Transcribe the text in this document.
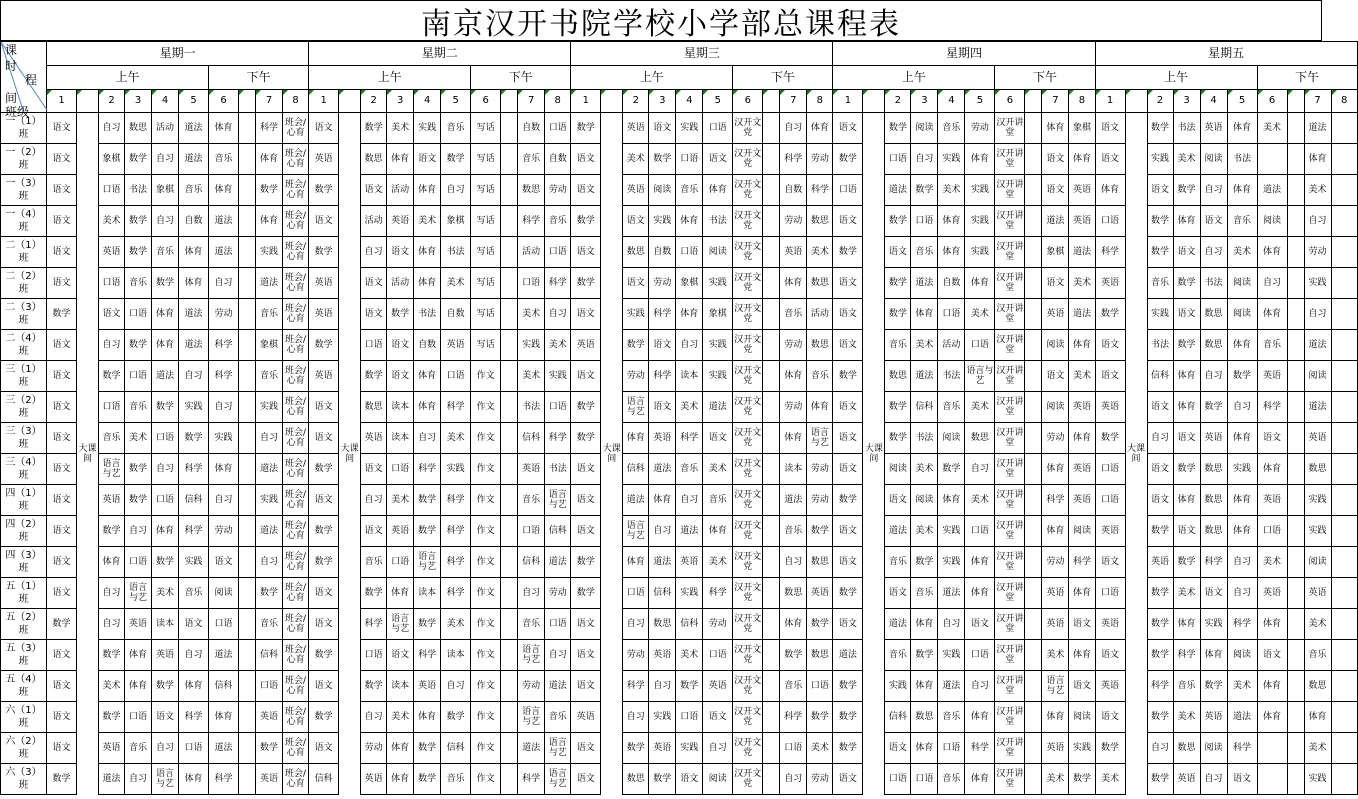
南京汉开书院学校小学部总课程表
课
时
程
间
班级	星期一										星期二										星期三										星期四										星期五									
	上午						下午				上午						下午				上午						下午				上午						下午				上午						下午			
	1		2	3	4	5	6		7	8	1		2	3	4	5	6		7	8	1		2	3	4	5	6		7	8	1		2	3	4	5	6		7	8	1		2	3	4	5	6		7	8
一（1）班	语文	大课间	自习	数思	活动	道法	体育		科学	班会/心育	语文	大课间	数学	美术	实践	音乐	写话		自数	口语	数学	大课间	英语	语文	实践	口语	汉开文党		自习	体育	语文	大课间	数学	阅读	音乐	劳动	汉开讲堂		体育	象棋	语文	大课间	数学	书法	英语	体育	美术		道法	
一（2）班	语文		象棋	数学	自习	道法	音乐		体育	班会/心育	英语		数思	体育	语文	数学	写话		音乐	自数	语文		美术	数学	口语	语文	汉开文党		科学	劳动	数学		口语	自习	实践	体育	汉开讲堂		语文	体育	语文		实践	美术	阅读	书法			体育	
一（3）班	语文		口语	书法	象棋	音乐	体育		数学	班会/心育	数学		语文	活动	体育	自习	写话		数思	劳动	语文		英语	阅读	音乐	体育	汉开文党		自数	科学	口语		道法	数学	美术	实践	汉开讲堂		语文	英语	体育		语文	数学	自习	体育	道法		美术	
一（4）班	语文		美术	数学	自习	自数	道法		体育	班会/心育	语文		活动	英语	美术	象棋	写话		科学	音乐	数学		语文	实践	体育	书法	汉开文党		劳动	数思	语文		数学	口语	体育	实践	汉开讲堂		道法	英语	口语		数学	体育	语文	音乐	阅读		自习	
二（1）班	语文		英语	数学	音乐	体育	道法		实践	班会/心育	数学		自习	语文	体育	书法	写话		活动	口语	语文		数思	自数	口语	阅读	汉开文党		英语	美术	数学		语文	音乐	体育	实践	汉开讲堂		象棋	道法	科学		数学	语文	自习	美术	体育		劳动	
二（2）班	语文		口语	音乐	数学	体育	自习		道法	班会/心育	英语		语文	活动	体育	美术	写话		口语	科学	数学		语文	劳动	象棋	实践	汉开文党		体育	数思	语文		数学	道法	自数	体育	汉开讲堂		语文	美术	英语		音乐	数学	书法	阅读	自习		实践	
二（3）班	数学		语文	口语	体育	道法	劳动		音乐	班会/心育	英语		语文	数学	书法	自数	写话		美术	自习	语文		实践	科学	体育	象棋	汉开文党		音乐	活动	语文		数学	体育	口语	美术	汉开讲堂		英语	道法	数学		实践	语文	数思	阅读	体育		自习	
二（4）班	语文		自习	数学	体育	道法	科学		象棋	班会/心育	数学		口语	语文	自数	英语	写话		实践	美术	英语		数学	语文	自习	实践	汉开文党		劳动	数思	语文		音乐	美术	活动	口语	汉开讲堂		阅读	体育	语文		书法	数学	数思	体育	音乐		道法	
三（1）班	语文		数学	口语	道法	自习	科学		音乐	班会/心育	英语		数学	语文	体育	口语	作文		美术	实践	语文		劳动	科学	读本	实践	汉开文党		体育	音乐	数学		数思	道法	书法	语言与艺	汉开讲堂		语文	美术	语文		信科	体育	自习	数学	英语		阅读	
三（2）班	语文		口语	音乐	数学	实践	自习		实践	班会/心育	语文		数思	读本	体育	科学	作文		书法	口语	数学		语言与艺	语文	美术	道法	汉开文党		劳动	体育	语文		数学	信科	音乐	美术	汉开讲堂		阅读	英语	英语		语文	体育	数学	自习	科学		道法	
三（3）班	语文		音乐	美术	口语	数学	实践		自习	班会/心育	语文		英语	读本	自习	美术	作文		信科	科学	数学		体育	英语	科学	语文	汉开文党		体育	语言与艺	语文		数学	书法	阅读	数思	汉开讲堂		劳动	体育	数学		自习	语文	英语	体育	语文		英语	
三（4）班	语文		语言与艺	数学	自习	科学	体育		道法	班会/心育	数学		语文	口语	科学	实践	作文		英语	书法	语文		信科	道法	音乐	美术	汉开文党		读本	劳动	语文		阅读	美术	数学	自习	汉开讲堂		体育	英语	口语		语文	数学	数思	实践	体育		数思	
四（1）班	语文		英语	数学	口语	信科	自习		实践	班会/心育	语文		自习	美术	数学	科学	作文		音乐	语言与艺	语文		道法	体育	自习	音乐	汉开文党		道法	劳动	数学		语文	阅读	体育	美术	汉开讲堂		科学	英语	口语		语文	体育	数思	体育	英语		实践	
四（2）班	语文		数学	自习	体育	科学	劳动		道法	班会/心育	数学		语文	英语	数学	科学	作文		口语	信科	语文		语言与艺	自习	道法	体育	汉开文党		音乐	数学	语文		道法	美术	实践	口语	汉开讲堂		体育	阅读	英语		数学	语文	数思	体育	口语		实践	
四（3）班	语文		体育	口语	数学	实践	语文		自习	班会/心育	数学		音乐	口语	语言与艺	科学	作文		信科	道法	数学		体育	道法	英语	美术	汉开文党		自习	数思	语文		音乐	数学	实践	体育	汉开讲堂		劳动	科学	语文		英语	数学	科学	自习	美术		阅读	
五（1）班	语文		自习	语言与艺	美术	音乐	阅读		数学	班会/心育	语文		数学	体育	读本	科学	作文		自习	劳动	数学		口语	信科	实践	科学	汉开文党		数思	英语	数学		语文	音乐	道法	体育	汉开讲堂		英语	体育	口语		数学	美术	语文	自习	英语		英语	
五（2）班	数学		自习	英语	读本	语文	口语		音乐	班会/心育	语文		科学	语言与艺	数学	美术	作文		音乐	口语	语文		自习	数思	信科	劳动	汉开文党		体育	数学	语文		道法	体育	自习	语文	汉开讲堂		英语	语文	英语		数学	体育	实践	科学	体育		美术	
五（3）班	语文		数学	体育	英语	自习	道法		信科	班会/心育	数学		口语	语文	科学	读本	作文		语言与艺	自习	语文		劳动	英语	美术	口语	汉开文党		数学	数思	道法		音乐	数学	实践	口语	汉开讲堂		美术	体育	语文		数学	科学	体育	阅读	语文		音乐	
五（4）班	语文		美术	体育	数学	体育	信科		口语	班会/心育	语文		数学	读本	英语	自习	作文		劳动	道法	语文		科学	自习	数学	英语	汉开文党		音乐	口语	数学		实践	体育	道法	自习	汉开讲堂		语言与艺	语文	英语		科学	音乐	数学	美术	体育		数思	
六（1）班	语文		数学	口语	语文	科学	体育		英语	班会/心育	数学		自习	美术	体育	数学	作文		语言与艺	音乐	英语		自习	实践	口语	语文	汉开文党		科学	数学	数学		信科	数思	音乐	体育	汉开讲堂		体育	阅读	语文		数学	美术	英语	道法	体育		体育	
六（2）班	语文		英语	音乐	自习	口语	道法		数学	班会/心育	语文		劳动	体育	数学	信科	作文		道法	语言与艺	语文		数学	英语	实践	自习	汉开文党		口语	美术	数学		语文	体育	口语	科学	汉开讲堂		英语	实践	数学		自习	数思	阅读	科学			美术	
六（3）班	数学		道法	自习	语言与艺	体育	科学		英语	班会/心育	信科		英语	体育	数学	音乐	作文		科学	语言与艺	语文		数思	数学	语文	阅读	汉开文党		自习	劳动	语文		口语	口语	音乐	体育	汉开讲堂		美术	数学	美术		数学	英语	自习	语文			实践	
